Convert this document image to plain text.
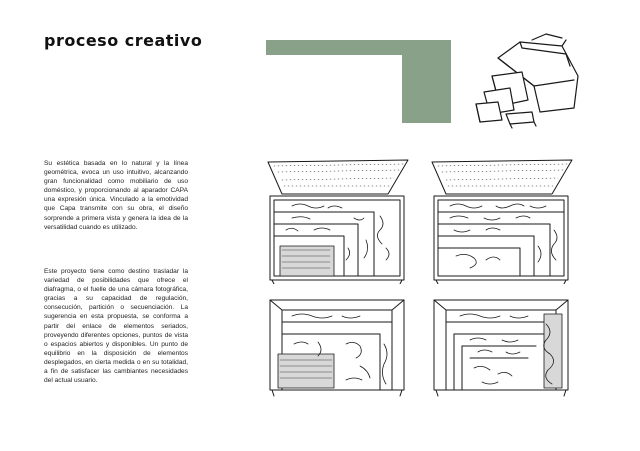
proceso creativo

Su estética basada en lo natural y la línea geométrica, evoca un uso intuitivo, alcanzando gran funcionalidad como mobiliario de uso doméstico, y proporcionando al aparador CAPA una expresión única. Vinculado a la emotividad que Capa transmite con su obra, el diseño sorprende a primera vista y genera la idea de la versatilidad cuando es utilizado.

Este proyecto tiene como destino trasladar la variedad de posibilidades que ofrece el diafragma, o el fuelle de una cámara fotográfica, gracias a su capacidad de regulación, consecución, partición o secuenciación. La sugerencia en esta propuesta, se conforma a partir del enlace de elementos seriados, proveyendo diferentes opciones, puntos de vista o espacios abiertos y disponibles. Un punto de equilibrio en la disposición de elementos desplegados, en cierta medida o en su totalidad, a fin de satisfacer las cambiantes necesidades del actual usuario.
